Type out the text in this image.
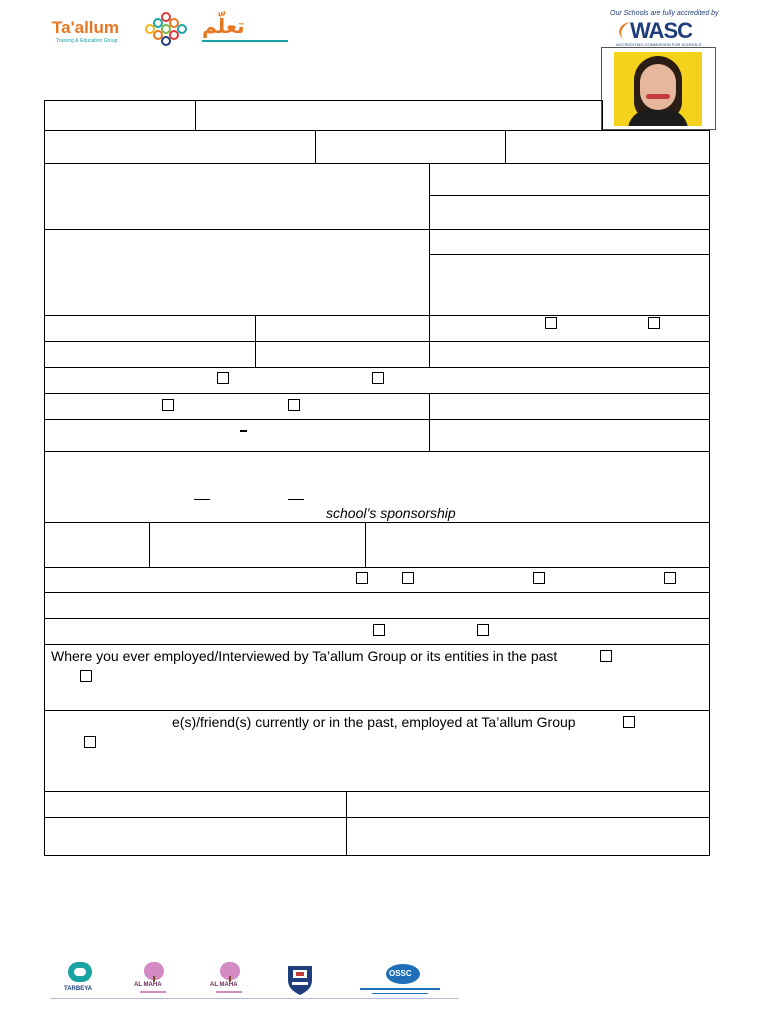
Ta'allum
Training & Education Group
تعلّم
Our Schools are fully accredited by
WASC
ACCREDITING COMMISSION FOR SCHOOLS
school’s sponsorship
Where you ever employed/Interviewed by Ta’allum Group or its entities in the past
e(s)/friend(s) currently or in the past, employed at Ta’allum Group
TARBEYA
AL MAHA	AL MAHA
OSSC
